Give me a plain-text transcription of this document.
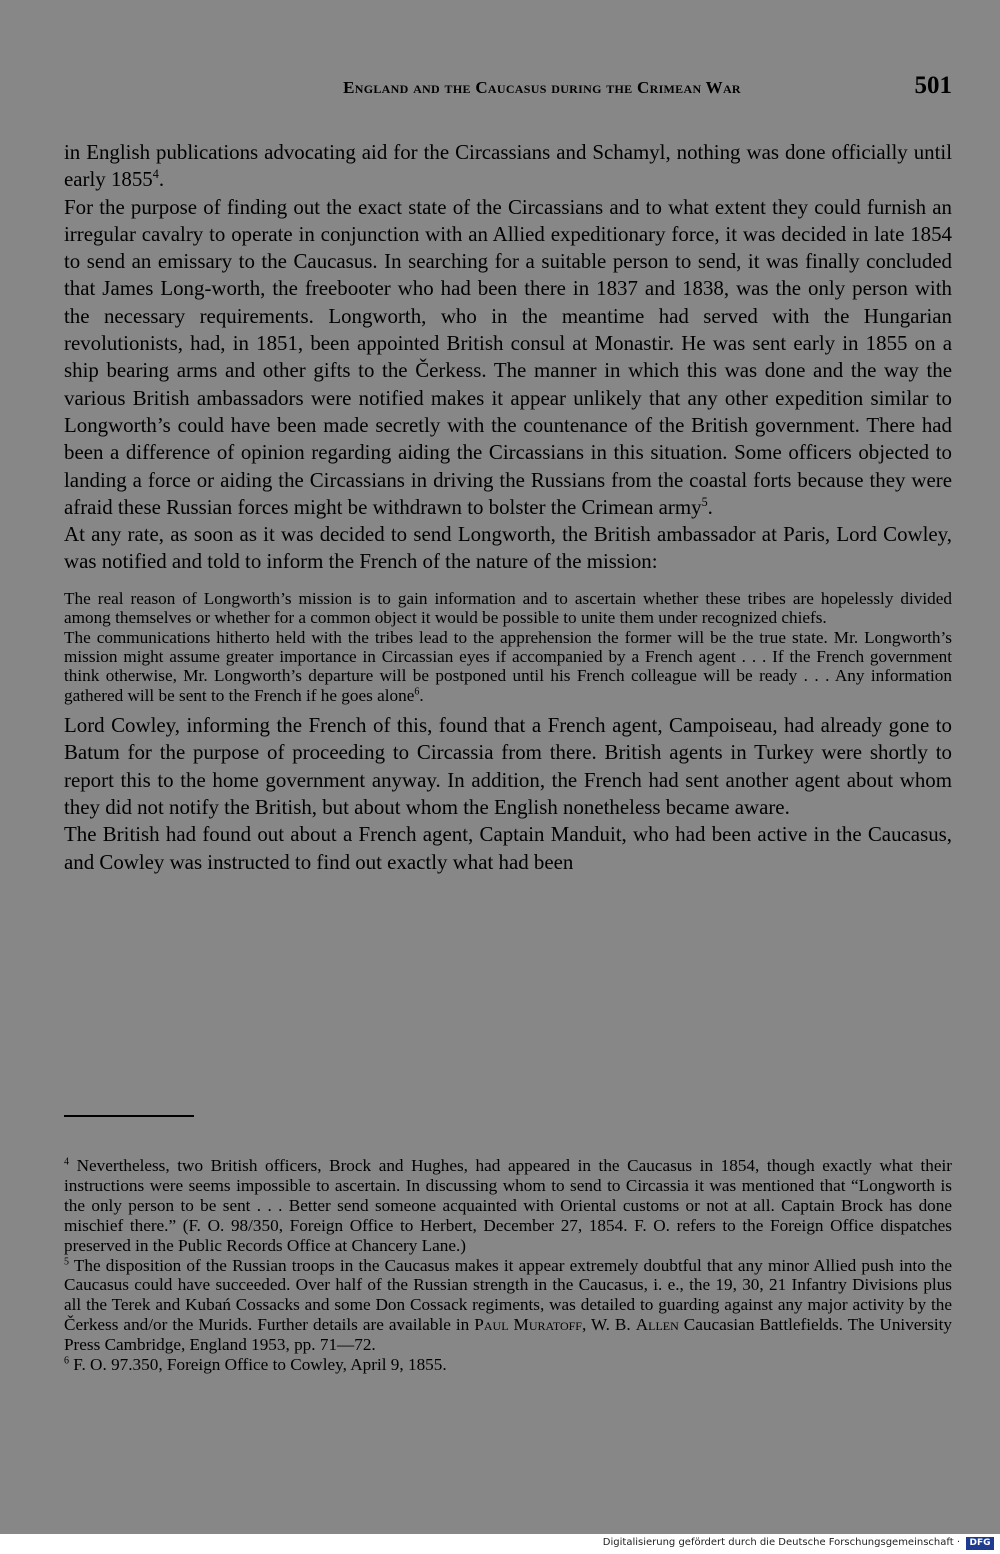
England and the Caucasus during the Crimean War	501

in English publications advocating aid for the Circassians and Schamyl, nothing was done officially until early 1855$^4$.

For the purpose of finding out the exact state of the Circassians and to what extent they could furnish an irregular cavalry to operate in conjunction with an Allied expeditionary force, it was decided in late 1854 to send an emissary to the Caucasus. In searching for a suitable person to send, it was finally concluded that James Long-worth, the freebooter who had been there in 1837 and 1838, was the only person with the necessary requirements. Longworth, who in the meantime had served with the Hungarian revolutionists, had, in 1851, been appointed British consul at Monastir. He was sent early in 1855 on a ship bearing arms and other gifts to the Čerkess. The manner in which this was done and the way the various British ambassadors were notified makes it appear unlikely that any other expedition similar to Longworth’s could have been made secretly with the countenance of the British government. There had been a difference of opinion regarding aiding the Circassians in this situation. Some officers objected to landing a force or aiding the Circassians in driving the Russians from the coastal forts because they were afraid these Russian forces might be withdrawn to bolster the Crimean army$^5$.

At any rate, as soon as it was decided to send Longworth, the British ambassador at Paris, Lord Cowley, was notified and told to inform the French of the nature of the mission:

The real reason of Longworth’s mission is to gain information and to ascertain whether these tribes are hopelessly divided among themselves or whether for a common object it would be possible to unite them under recognized chiefs.

The communications hitherto held with the tribes lead to the apprehension the former will be the true state. Mr. Longworth’s mission might assume greater importance in Circassian eyes if accompanied by a French agent . . . If the French government think otherwise, Mr. Longworth’s departure will be postponed until his French colleague will be ready . . . Any information gathered will be sent to the French if he goes alone$^6$.

Lord Cowley, informing the French of this, found that a French agent, Campoiseau, had already gone to Batum for the purpose of proceeding to Circassia from there. British agents in Turkey were shortly to report this to the home government anyway. In addition, the French had sent another agent about whom they did not notify the British, but about whom the English nonetheless became aware.

The British had found out about a French agent, Captain Manduit, who had been active in the Caucasus, and Cowley was instructed to find out exactly what had been

$^4$ Nevertheless, two British officers, Brock and Hughes, had appeared in the Caucasus in 1854, though exactly what their instructions were seems impossible to ascertain. In discussing whom to send to Circassia it was mentioned that “Longworth is the only person to be sent . . . Better send someone acquainted with Oriental customs or not at all. Captain Brock has done mischief there.” (F. O. 98/350, Foreign Office to Herbert, December 27, 1854. F. O. refers to the Foreign Office dispatches preserved in the Public Records Office at Chancery Lane.)

$^5$ The disposition of the Russian troops in the Caucasus makes it appear extremely doubtful that any minor Allied push into the Caucasus could have succeeded. Over half of the Russian strength in the Caucasus, i. e., the 19, 30, 21 Infantry Divisions plus all the Terek and Kubań Cossacks and some Don Cossack regiments, was detailed to guarding against any major activity by the Čerkess and/or the Murids. Further details are available in Paul Muratoff, W. B. Allen Caucasian Battlefields. The University Press Cambridge, England 1953, pp. 71—72.

$^6$ F. O. 97.350, Foreign Office to Cowley, April 9, 1855.

Digitalisierung gefördert durch die Deutsche Forschungsgemeinschaft ·	DFG
